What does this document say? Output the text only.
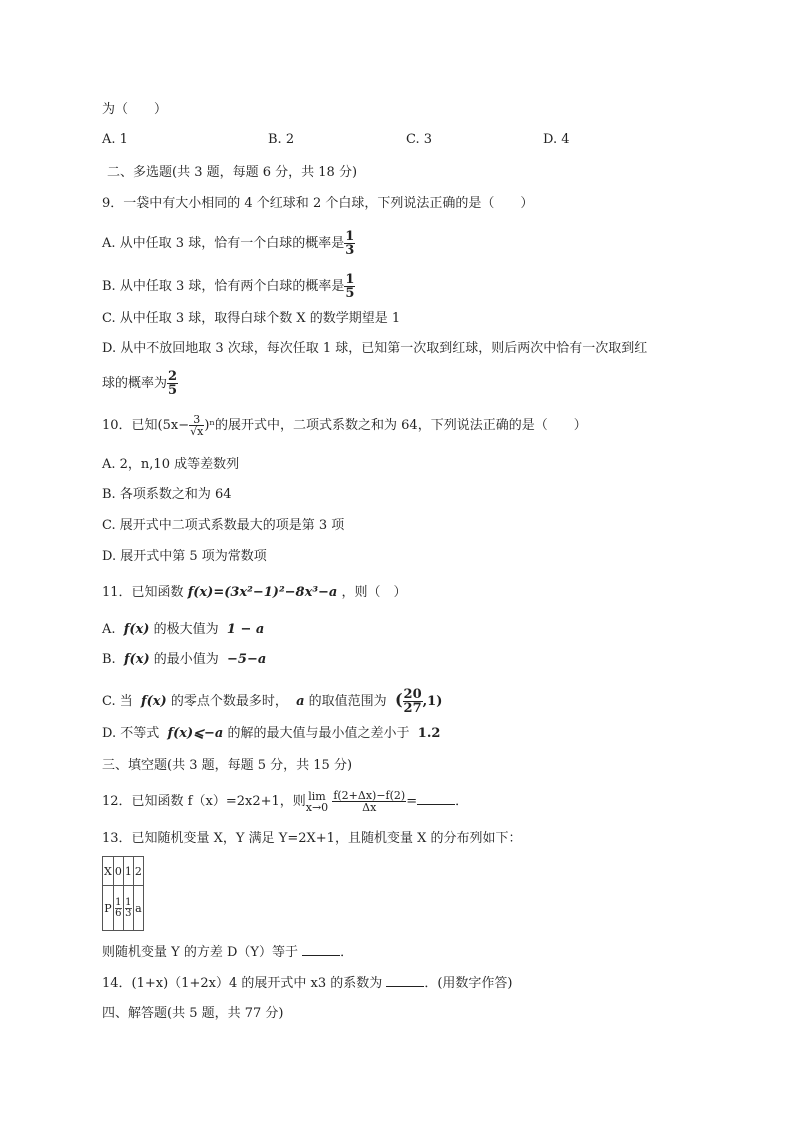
为（　　）
A. 1	B. 2	C. 3	D. 4
二、多选题(共 3 题，每题 6 分，共 18 分)
9．一袋中有大小相同的 4 个红球和 2 个白球，下列说法正确的是（　　）
A. 从中任取 3 球，恰有一个白球的概率是 $\frac{1}{3}$
B. 从中任取 3 球，恰有两个白球的概率是 $\frac{1}{5}$
C. 从中任取 3 球，取得白球个数 X 的数学期望是 1
D. 从中不放回地取 3 次球，每次任取 1 球，已知第一次取到红球，则后两次中恰有一次取到红
球的概率为 $\frac{2}{5}$
10．已知$(5x- \frac{3}{√x} )^n$的展开式中，二项式系数之和为 64，下列说法正确的是（　　）
A. 2，n,10 成等差数列
B. 各项系数之和为 64
C. 展开式中二项式系数最大的项是第 3 项
D. 展开式中第 5 项为常数项
11．已知函数 f(x)=(3x²−1)²−8x³−a ，则（　）
A. f(x) 的极大值为 1 − a
B. f(x) 的最小值为 −5−a
C. 当 f(x) 的零点个数最多时， a 的取值范围为 ( $\frac{20}{27} ,1$)
D. 不等式 f(x)⩽−a 的解的最大值与最小值之差小于 1.2
三、填空题(共 3 题，每题 5 分，共 15 分)
12．已知函数 f（x）=2x2+1，则 lim
x→0
$\frac{f(2+\Delta x)-f(2)}{\Delta x}$ =	．
13．已知随机变量 X，Y 满足 Y=2X+1，且随机变量 X 的分布列如下：
X	0	1	2
P	$\frac{1}{6}$	$\frac{1}{3}$	a
则随机变量 Y 的方差 D（Y）等于	．
14．(1+x)（1+2x）4 的展开式中 x3 的系数为	．(用数字作答)
四、解答题(共 5 题，共 77 分)
